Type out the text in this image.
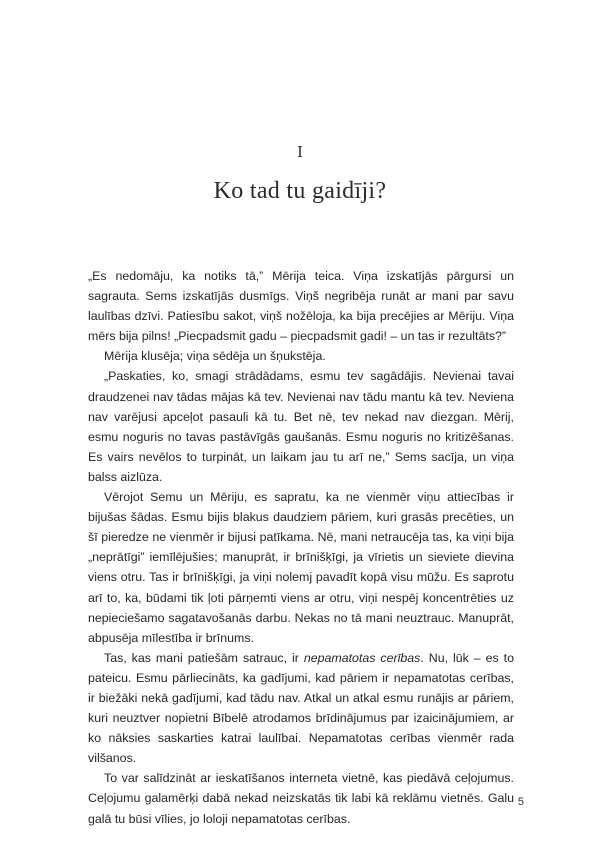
I
Ko tad tu gaidīji?

„Es nedomāju, ka notiks tā,” Mērija teica. Viņa izskatījās pārgursi un sagrauta. Sems izskatījās dusmīgs. Viņš negribēja runāt ar mani par savu laulības dzīvi. Patiesību sakot, viņš nožēloja, ka bija precējies ar Mēriju. Viņa mērs bija pilns! „Piecpadsmit gadu – piecpadsmit gadi! – un tas ir rezultāts?”

Mērija klusēja; viņa sēdēja un šņukstēja.

„Paskaties, ko, smagi strādādams, esmu tev sagādājis. Nevienai tavai draudzenei nav tādas mājas kā tev. Nevienai nav tādu mantu kā tev. Neviena nav varējusi apceļot pasauli kā tu. Bet nē, tev nekad nav diezgan. Mērij, esmu noguris no tavas pastāvīgās gaušanās. Esmu noguris no kritizēšanas. Es vairs nevēlos to turpināt, un laikam jau tu arī ne,” Sems sacīja, un viņa balss aizlūza.

Vērojot Semu un Mēriju, es sapratu, ka ne vienmēr viņu attiecības ir bijušas šādas. Esmu bijis blakus daudziem pāriem, kuri grasās precēties, un šī pieredze ne vienmēr ir bijusi patīkama. Nē, mani netraucēja tas, ka viņi bija „neprātīgi” iemīlējušies; manuprāt, ir brīnišķīgi, ja vīrietis un sieviete dievina viens otru. Tas ir brīnišķīgi, ja viņi nolemj pavadīt kopā visu mūžu. Es saprotu arī to, ka, būdami tik ļoti pārņemti viens ar otru, viņi nespēj koncentrēties uz nepieciešamo sagatavošanās darbu. Nekas no tā mani neuztrauc. Manuprāt, abpusēja mīlestība ir brīnums.

Tas, kas mani patiešām satrauc, ir nepamatotas cerības. Nu, lūk – es to pateicu. Esmu pārliecināts, ka gadījumi, kad pāriem ir nepamatotas cerības, ir biežāki nekā gadījumi, kad tādu nav. Atkal un atkal esmu runājis ar pāriem, kuri neuztver nopietni Bībelē atrodamos brīdinājumus par izaicinājumiem, ar ko nāksies saskarties katrai laulībai. Nepamatotas cerības vienmēr rada vilšanos.

To var salīdzināt ar ieskatīšanos interneta vietnē, kas piedāvā ceļojumus. Ceļojumu galamērķi dabā nekad neizskatās tik labi kā reklāmu vietnēs. Galu galā tu būsi vīlies, jo loloji nepamatotas cerības.

5
